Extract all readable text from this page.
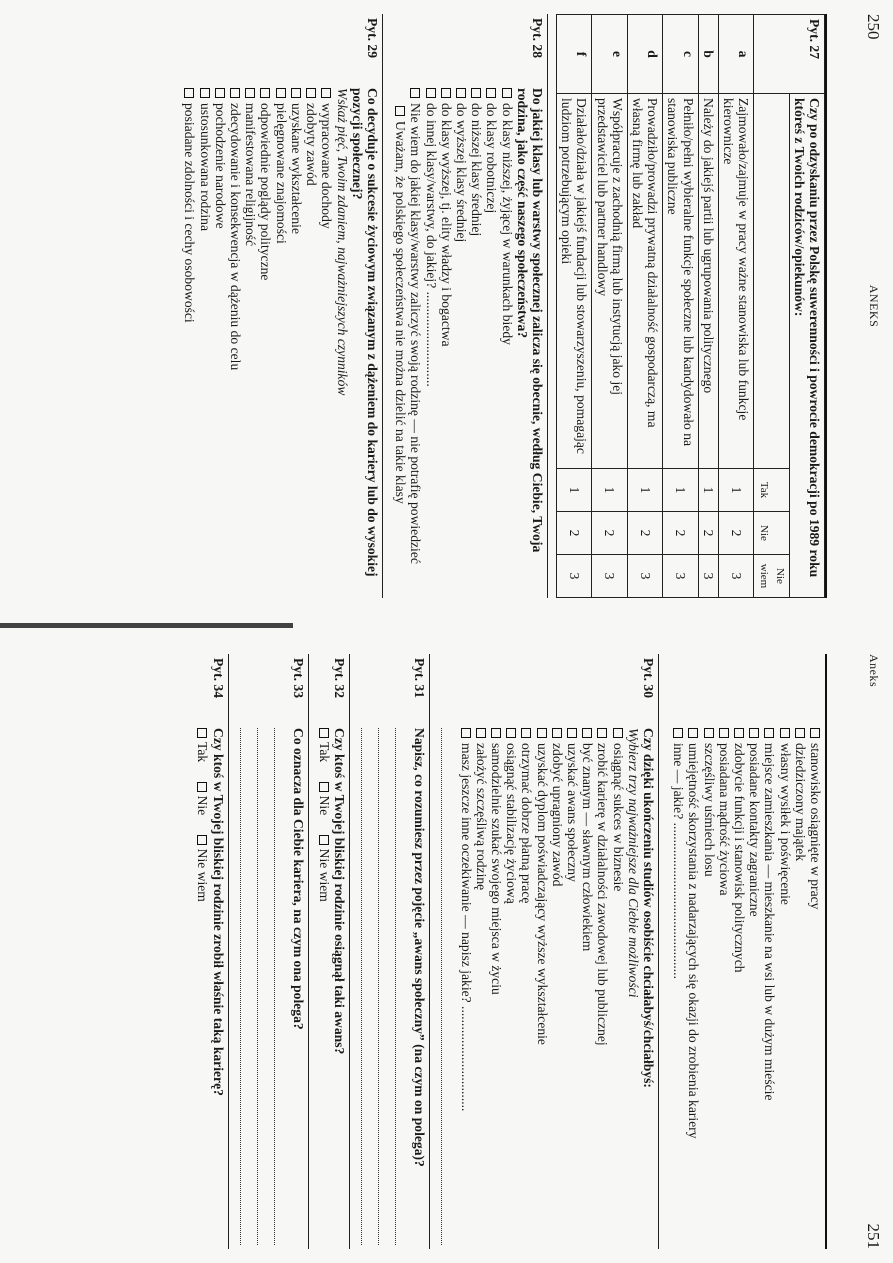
250
ANEKS
Pyt. 27	Czy po odzyskaniu przez Polskę suwerenności i powrocie demokracji po 1989 roku któreś z Twoich rodziców/opiekunów:			
		Tak	Nie	Nie wiem
a	Zajmowało/zajmuje w pracy ważne stanowiska lub funkcje kierownicze	1	2	3
b	Należy do jakiejś partii lub ugrupowania politycznego	1	2	3
c	Pełniło/pełni wybieralne funkcje społeczne lub kandydowało na stanowiska publiczne	1	2	3
d	Prowadziło/prowadzi prywatną działalność gospodarczą, ma własną firmę lub zakład	1	2	3
e	Współpracuje z zachodnią firmą lub instytucją jako jej przedstawiciel lub partner handlowy	1	2	3
f	Działało/działa w jakiejś fundacji lub stowarzyszeniu, pomagając ludziom potrzebującym opieki	1	2	3
Pyt. 28
Do jakiej klasy lub warstwy społecznej zalicza się obecnie, według Ciebie, Twoja rodzina, jako część naszego społeczeństwa?
do klasy niższej, żyjącej w warunkach biedy
do klasy robotniczej
do niższej klasy średniej
do wyższej klasy średniej
do klasy wyższej, tj. elity władzy i bogactwa
do innej klasy/warstwy, do jakiej? ............................
Nie wiem do jakiej klasy/warstwy zaliczyć swoją rodzinę — nie potrafię powiedzieć
Uważam, że polskiego społeczeństwa nie można dzielić na takie klasy
Pyt. 29
Co decyduje o sukcesie życiowym związanym z dążeniem do kariery lub do wysokiej pozycji społecznej?
Wskaż pięć, Twoim zdaniem, najważniejszych czynników
wypracowane dochody
zdobyty zawód
uzyskane wykształcenie
pielęgnowane znajomości
odpowiednie poglądy polityczne
manifestowana religijność
zdecydowanie i konsekwencja w dążeniu do celu
pochodzenie narodowe
ustosunkowana rodzina
posiadane zdolności i cechy osobowości
Aneks
251
stanowisko osiągnięte w pracy
dziedziczony majątek
własny wysiłek i poświęcenie
miejsce zamieszkania — mieszkanie na wsi lub w dużym mieście
posiadane kontakty zagraniczne
zdobycie funkcji i stanowisk politycznych
posiadana mądrość życiowa
szczęśliwy uśmiech losu
umiejętność skorzystania z nadarzających się okazji do zrobienia kariery
inne — jakie? ..............................................
Pyt. 30
Czy dzięki ukończeniu studiów osobiście chciałabyś/chciałbyś:
Wybierz trzy najważniejsze dla Ciebie możliwości
osiągnąć sukces w biznesie
zrobić karierę w działalności zawodowej lub publicznej
być znanym — sławnym człowiekiem
uzyskać awans społeczny
zdobyć upragniony zawód
uzyskać dyplom poświadczający wyższe wykształcenie
otrzymać dobrze płatną pracę
osiągnąć stabilizację życiową
samodzielnie szukać swojego miejsca w życiu
założyć szczęśliwą rodzinę
masz jeszcze inne oczekiwanie — napisz jakie? ...............................
Pyt. 31
Napisz, co rozumiesz przez pojęcie „awans społeczny” (na czym on polega)?
Pyt. 32
Czy ktoś w Twojej bliskiej rodzinie osiągnął taki awans?
Tak Nie Nie wiem
Pyt. 33
Co oznacza dla Ciebie kariera, na czym ona polega?
Pyt. 34
Czy ktoś w Twojej bliskiej rodzinie zrobił właśnie taką karierę?
Tak Nie Nie wiem
